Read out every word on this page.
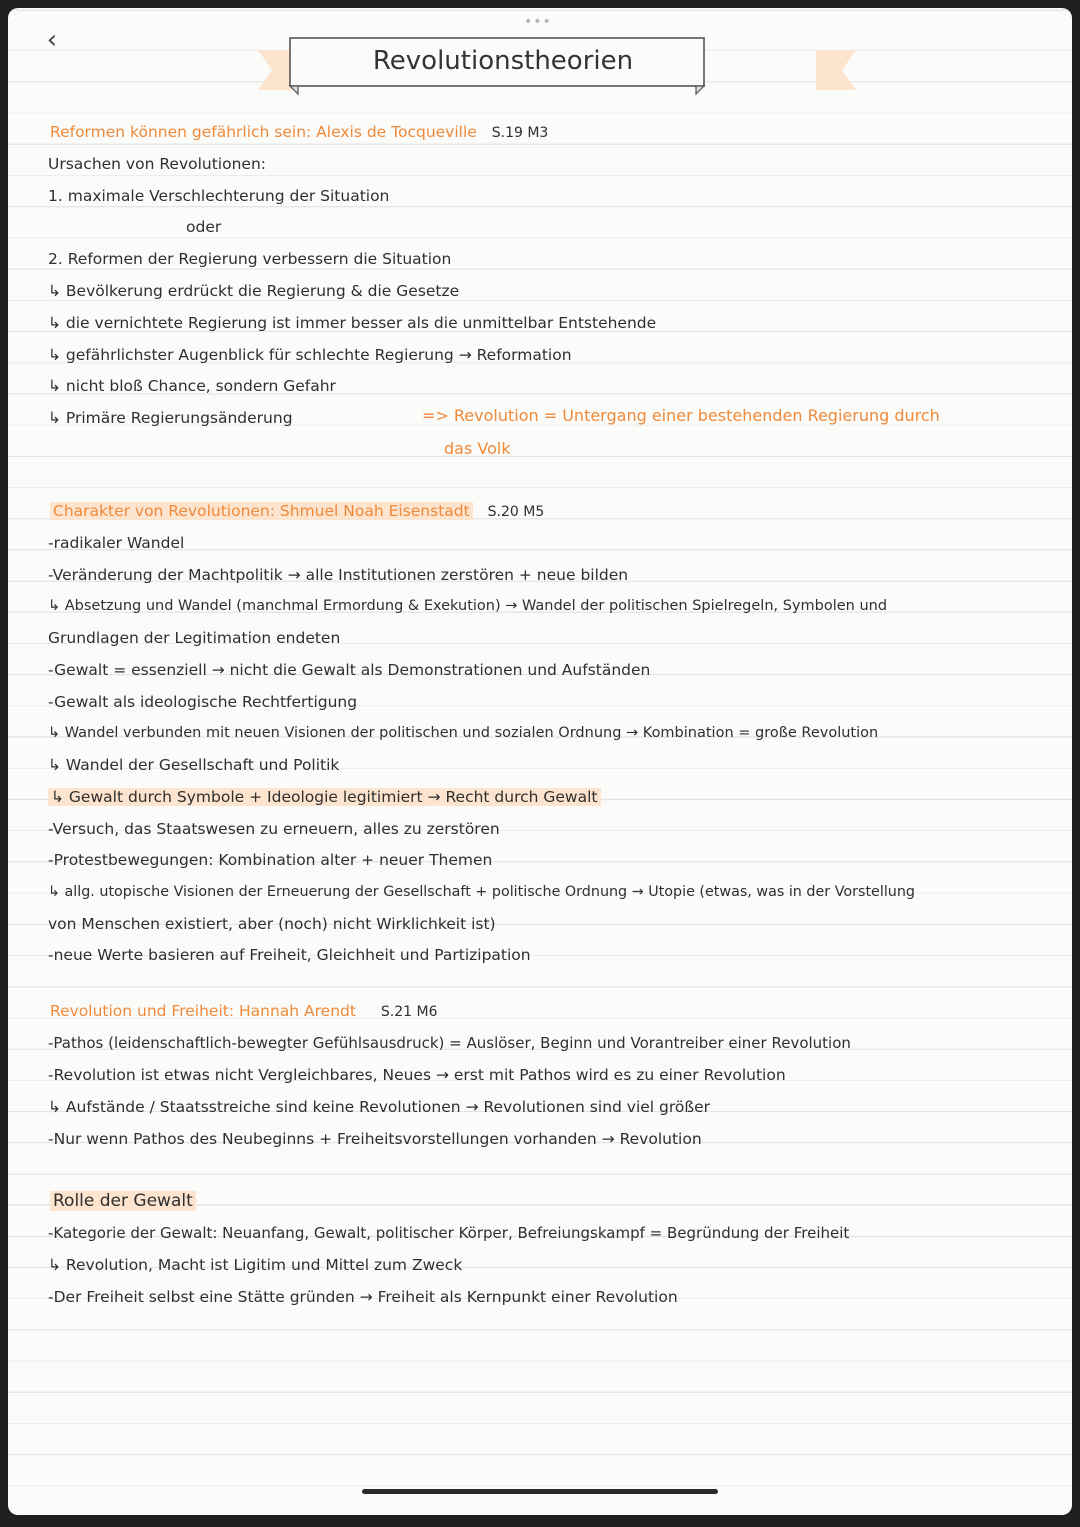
‹
•••
Revolutionstheorien
Reformen können gefährlich sein: Alexis de Tocqueville S.19 M3
Ursachen von Revolutionen:
1. maximale Verschlechterung der Situation
oder
2. Reformen der Regierung verbessern die Situation
↳ Bevölkerung erdrückt die Regierung & die Gesetze
↳ die vernichtete Regierung ist immer besser als die unmittelbar Entstehende
↳ gefährlichster Augenblick für schlechte Regierung → Reformation
↳ nicht bloß Chance, sondern Gefahr
↳ Primäre Regierungsänderung	=> Revolution = Untergang einer bestehenden Regierung durch
das Volk
Charakter von Revolutionen: Shmuel Noah Eisenstadt S.20 M5
-radikaler Wandel
-Veränderung der Machtpolitik → alle Institutionen zerstören + neue bilden
↳ Absetzung und Wandel (manchmal Ermordung & Exekution) → Wandel der politischen Spielregeln, Symbolen und
Grundlagen der Legitimation endeten
-Gewalt = essenziell → nicht die Gewalt als Demonstrationen und Aufständen
-Gewalt als ideologische Rechtfertigung
↳ Wandel verbunden mit neuen Visionen der politischen und sozialen Ordnung → Kombination = große Revolution
↳ Wandel der Gesellschaft und Politik
↳ Gewalt durch Symbole + Ideologie legitimiert → Recht durch Gewalt
-Versuch, das Staatswesen zu erneuern, alles zu zerstören
-Protestbewegungen: Kombination alter + neuer Themen
↳ allg. utopische Visionen der Erneuerung der Gesellschaft + politische Ordnung → Utopie (etwas, was in der Vorstellung
von Menschen existiert, aber (noch) nicht Wirklichkeit ist)
-neue Werte basieren auf Freiheit, Gleichheit und Partizipation
Revolution und Freiheit: Hannah Arendt S.21 M6
-Pathos (leidenschaftlich-bewegter Gefühlsausdruck) = Auslöser, Beginn und Vorantreiber einer Revolution
-Revolution ist etwas nicht Vergleichbares, Neues → erst mit Pathos wird es zu einer Revolution
↳ Aufstände / Staatsstreiche sind keine Revolutionen → Revolutionen sind viel größer
-Nur wenn Pathos des Neubeginns + Freiheitsvorstellungen vorhanden → Revolution
Rolle der Gewalt
-Kategorie der Gewalt: Neuanfang, Gewalt, politischer Körper, Befreiungskampf = Begründung der Freiheit
↳ Revolution, Macht ist Ligitim und Mittel zum Zweck
-Der Freiheit selbst eine Stätte gründen → Freiheit als Kernpunkt einer Revolution
